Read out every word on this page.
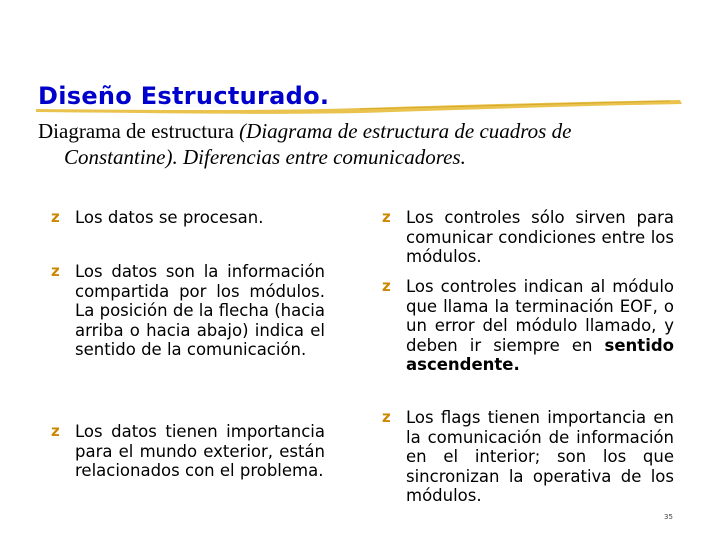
Diseño Estructurado.
Diagrama de estructura (Diagrama de estructura de cuadros de
Constantine). Diferencias entre comunicadores.
z Los datos se procesan.
z Los datos son la información compartida por los módulos. La posición de la flecha (hacia arriba o hacia abajo) indica el sentido de la comunicación.
z Los datos tienen importancia para el mundo exterior, están relacionados con el problema.
z Los controles sólo sirven para comunicar condiciones entre los módulos.
z Los controles indican al módulo que llama la terminación EOF, o un error del módulo llamado, y deben ir siempre en sentido ascendente.
z Los flags tienen importancia en la comunicación de información en el interior; son los que sincronizan la operativa de los módulos.
35
